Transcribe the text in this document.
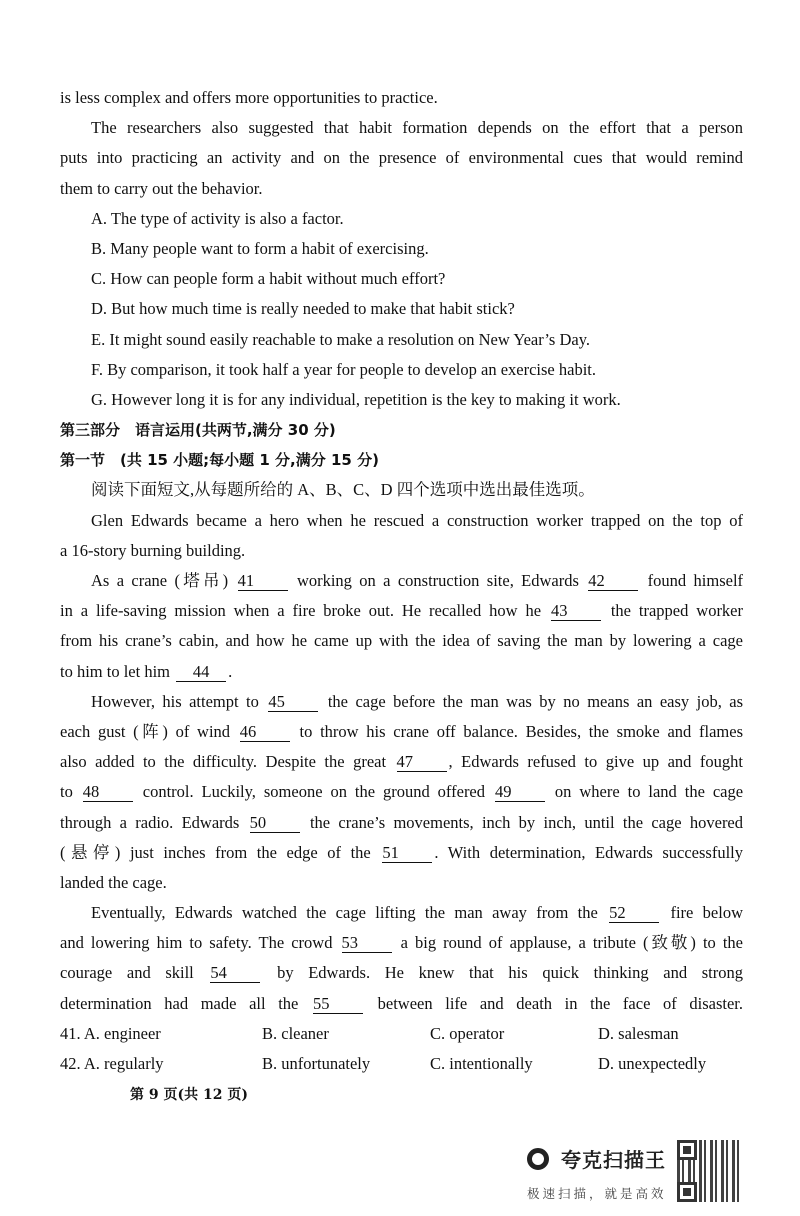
is less complex and offers more opportunities to practice.
The researchers also suggested that habit formation depends on the effort that a person
puts into practicing an activity and on the presence of environmental cues that would remind
them to carry out the behavior.
A. The type of activity is also a factor.
B. Many people want to form a habit of exercising.
C. How can people form a habit without much effort?
D. But how much time is really needed to make that habit stick?
E. It might sound easily reachable to make a resolution on New Year’s Day.
F. By comparison, it took half a year for people to develop an exercise habit.
G. However long it is for any individual, repetition is the key to making it work.
第三部分　语言运用(共两节,满分 30 分)
第一节　(共 15 小题;每小题 1 分,满分 15 分)
阅读下面短文,从每题所给的 A、B、C、D 四个选项中选出最佳选项。
Glen Edwards became a hero when he rescued a construction worker trapped on the top of
a 16-story burning building.
As a crane (塔吊) 41	working on a construction site, Edwards 42	found himself
in a life-saving mission when a fire broke out. He recalled how he 43	the trapped worker
from his crane’s cabin, and how he came up with the idea of saving the man by lowering a cage
to him to let him 44 .
However, his attempt to 45	the cage before the man was by no means an easy job, as
each gust (阵) of wind 46	to throw his crane off balance. Besides, the smoke and flames
also added to the difficulty. Despite the great 47 , Edwards refused to give up and fought
to 48	control. Luckily, someone on the ground offered 49	on where to land the cage
through a radio. Edwards 50	the crane’s movements, inch by inch, until the cage hovered
(悬停) just inches from the edge of the 51 . With determination, Edwards successfully
landed the cage.
Eventually, Edwards watched the cage lifting the man away from the 52	fire below
and lowering him to safety. The crowd 53	a big round of applause, a tribute (致敬) to the
courage and skill 54	by Edwards. He knew that his quick thinking and strong
determination had made all the 55	between life and death in the face of disaster.
41. A. engineer	B. cleaner	C. operator	D. salesman
42. A. regularly	B. unfortunately	C. intentionally	D. unexpectedly
第 9 页(共 12 页)
夸克扫描王
极速扫描，就是高效
